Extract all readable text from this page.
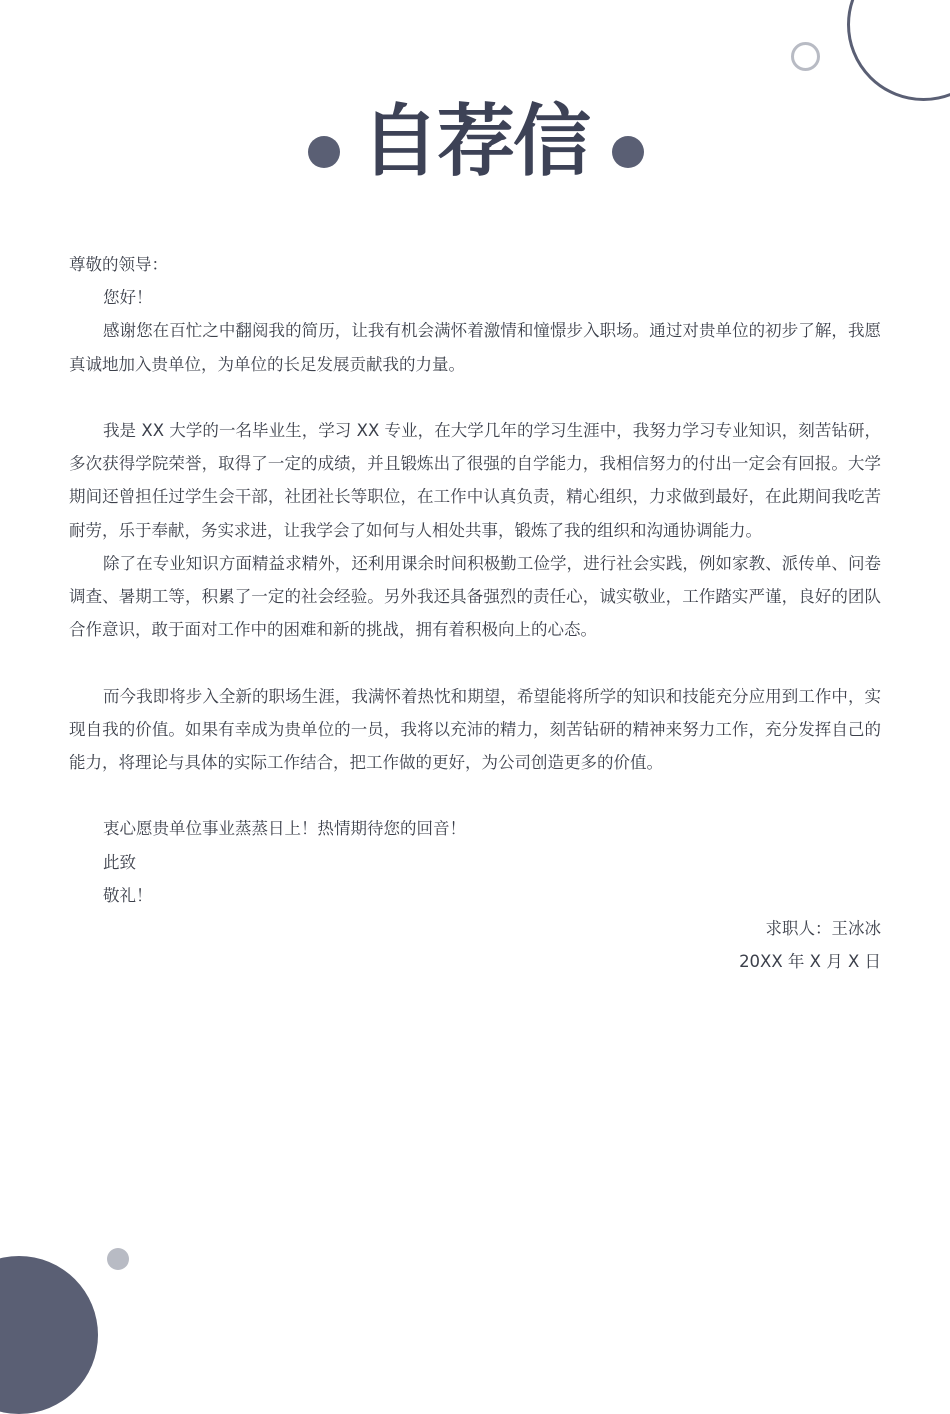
自荐信

尊敬的领导：

您好！

感谢您在百忙之中翻阅我的简历，让我有机会满怀着激情和憧憬步入职场。通过对贵单位的初步了解，我愿真诚地加入贵单位，为单位的长足发展贡献我的力量。

我是 XX 大学的一名毕业生，学习 XX 专业，在大学几年的学习生涯中，我努力学习专业知识，刻苦钻研，多次获得学院荣誉，取得了一定的成绩，并且锻炼出了很强的自学能力，我相信努力的付出一定会有回报。大学期间还曾担任过学生会干部，社团社长等职位，在工作中认真负责，精心组织，力求做到最好，在此期间我吃苦耐劳，乐于奉献，务实求进，让我学会了如何与人相处共事，锻炼了我的组织和沟通协调能力。

除了在专业知识方面精益求精外，还利用课余时间积极勤工俭学，进行社会实践，例如家教、派传单、问卷调查、暑期工等，积累了一定的社会经验。另外我还具备强烈的责任心，诚实敬业，工作踏实严谨，良好的团队合作意识，敢于面对工作中的困难和新的挑战，拥有着积极向上的心态。

而今我即将步入全新的职场生涯，我满怀着热忱和期望，希望能将所学的知识和技能充分应用到工作中，实现自我的价值。如果有幸成为贵单位的一员，我将以充沛的精力，刻苦钻研的精神来努力工作，充分发挥自己的能力，将理论与具体的实际工作结合，把工作做的更好，为公司创造更多的价值。

衷心愿贵单位事业蒸蒸日上！热情期待您的回音！

此致

敬礼！

求职人：王冰冰

20XX 年 X 月 X 日
